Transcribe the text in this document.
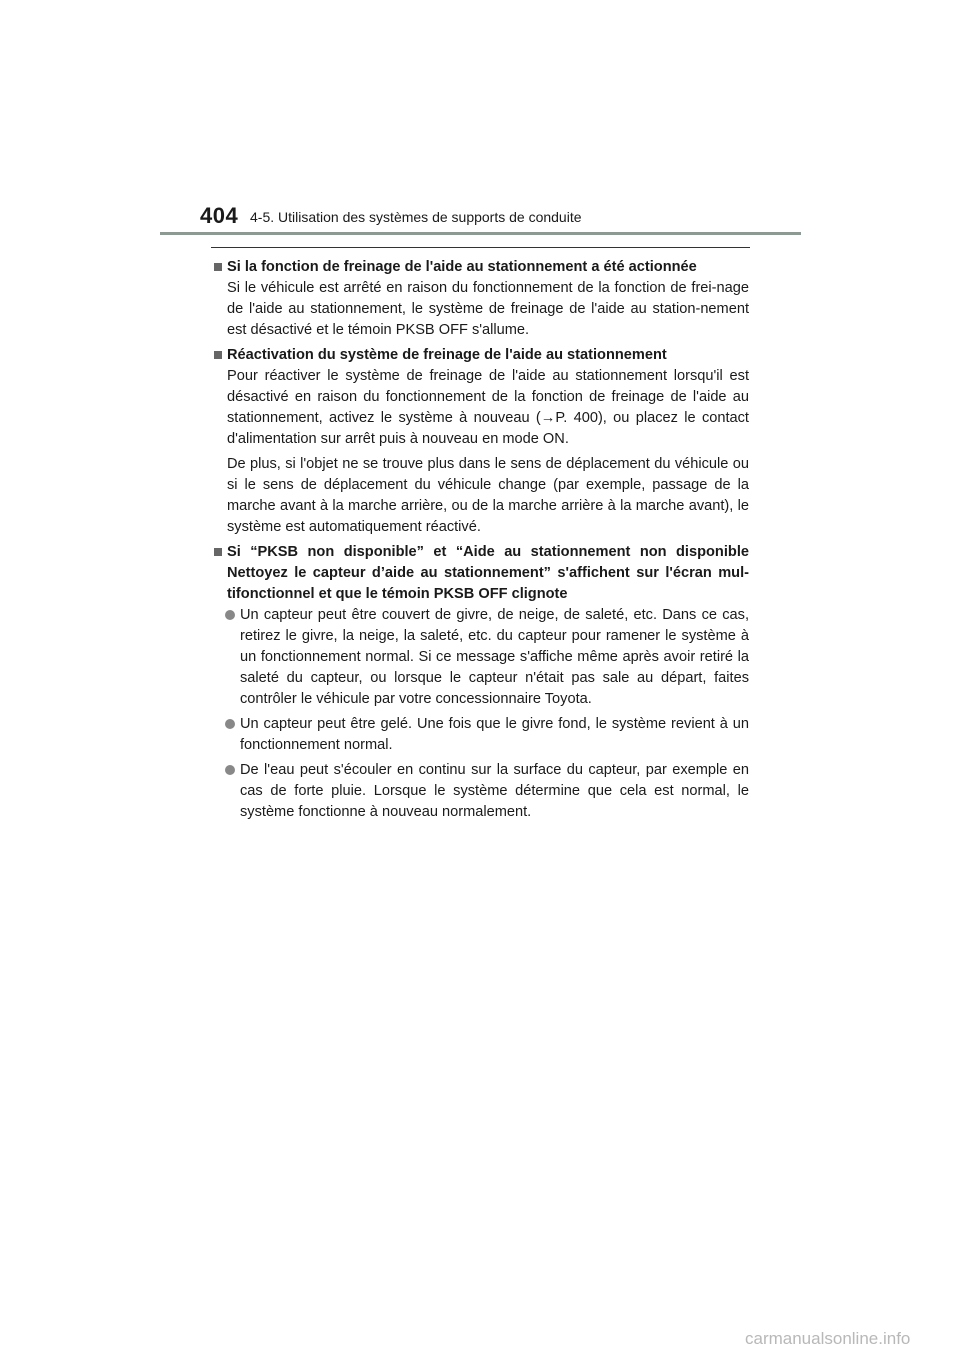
404 4-5. Utilisation des systèmes de supports de conduite
Si la fonction de freinage de l'aide au stationnement a été actionnée
Si le véhicule est arrêté en raison du fonctionnement de la fonction de frei-nage de l'aide au stationnement, le système de freinage de l'aide au station-nement est désactivé et le témoin PKSB OFF s'allume.
Réactivation du système de freinage de l'aide au stationnement
Pour réactiver le système de freinage de l'aide au stationnement lorsqu'il est désactivé en raison du fonctionnement de la fonction de freinage de l'aide au stationnement, activez le système à nouveau (→P. 400), ou placez le contact d'alimentation sur arrêt puis à nouveau en mode ON.
De plus, si l'objet ne se trouve plus dans le sens de déplacement du véhicule ou si le sens de déplacement du véhicule change (par exemple, passage de la marche avant à la marche arrière, ou de la marche arrière à la marche avant), le système est automatiquement réactivé.
Si “PKSB non disponible” et “Aide au stationnement non disponible Nettoyez le capteur d’aide au stationnement” s'affichent sur l'écran mul-tifonctionnel et que le témoin PKSB OFF clignote
Un capteur peut être couvert de givre, de neige, de saleté, etc. Dans ce cas, retirez le givre, la neige, la saleté, etc. du capteur pour ramener le système à un fonctionnement normal. Si ce message s'affiche même après avoir retiré la saleté du capteur, ou lorsque le capteur n'était pas sale au départ, faites contrôler le véhicule par votre concessionnaire Toyota.
Un capteur peut être gelé. Une fois que le givre fond, le système revient à un fonctionnement normal.
De l'eau peut s'écouler en continu sur la surface du capteur, par exemple en cas de forte pluie. Lorsque le système détermine que cela est normal, le système fonctionne à nouveau normalement.
carmanualsonline.info
